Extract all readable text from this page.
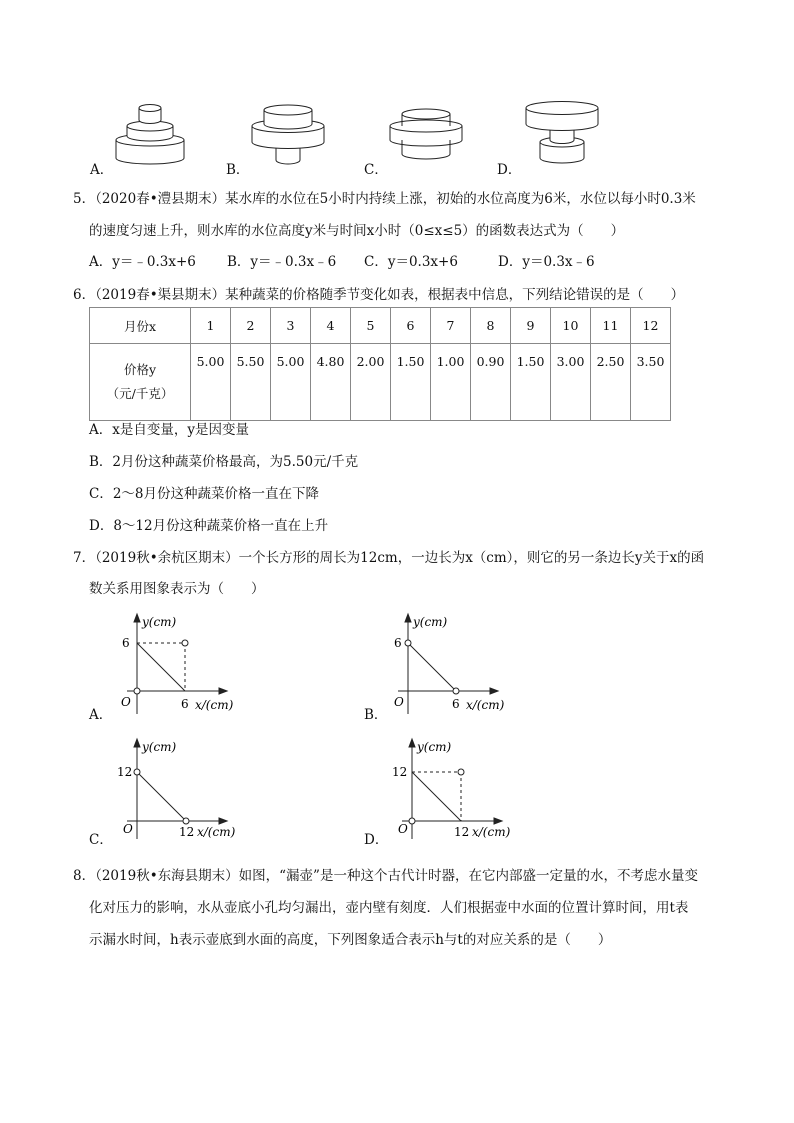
A．	B．	C．	D．
5．（2020春•澧县期末）某水库的水位在5小时内持续上涨，初始的水位高度为6米，水位以每小时0.3米
的速度匀速上升，则水库的水位高度y米与时间x小时（0≤x≤5）的函数表达式为（　　）
A．y＝﹣0.3x+6 B．y＝﹣0.3x﹣6 C．y＝0.3x+6	D．y＝0.3x﹣6
6．（2019春•渠县期末）某种蔬菜的价格随季节变化如表，根据表中信息，下列结论错误的是（　　）
月份x	1	2	3	4	5	6	7	8	9	10	11	12

价格y
（元/千克）	5.00	5.50	5.00	4.80	2.00	1.50	1.00	0.90	1.50	3.00	2.50	3.50
A．x是自变量，y是因变量
B．2月份这种蔬菜价格最高，为5.50元/千克
C．2～8月份这种蔬菜价格一直在下降
D．8～12月份这种蔬菜价格一直在上升
7．（2019秋•余杭区期末）一个长方形的周长为12cm，一边长为x（cm），则它的另一条边长y关于x的函
数关系用图象表示为（　　）
A．
y(cm)
6
O	6 x/(cm)
B．
y(cm)
6
O	6 x/(cm)
C．
y(cm)
12
O	12 x/(cm)	D．
y(cm)
12
O	12 x/(cm)
8．（2019秋•东海县期末）如图，“漏壶”是一种这个古代计时器，在它内部盛一定量的水，不考虑水量变
化对压力的影响，水从壶底小孔均匀漏出，壶内壁有刻度．人们根据壶中水面的位置计算时间，用t表
示漏水时间，h表示壶底到水面的高度，下列图象适合表示h与t的对应关系的是（　　）
